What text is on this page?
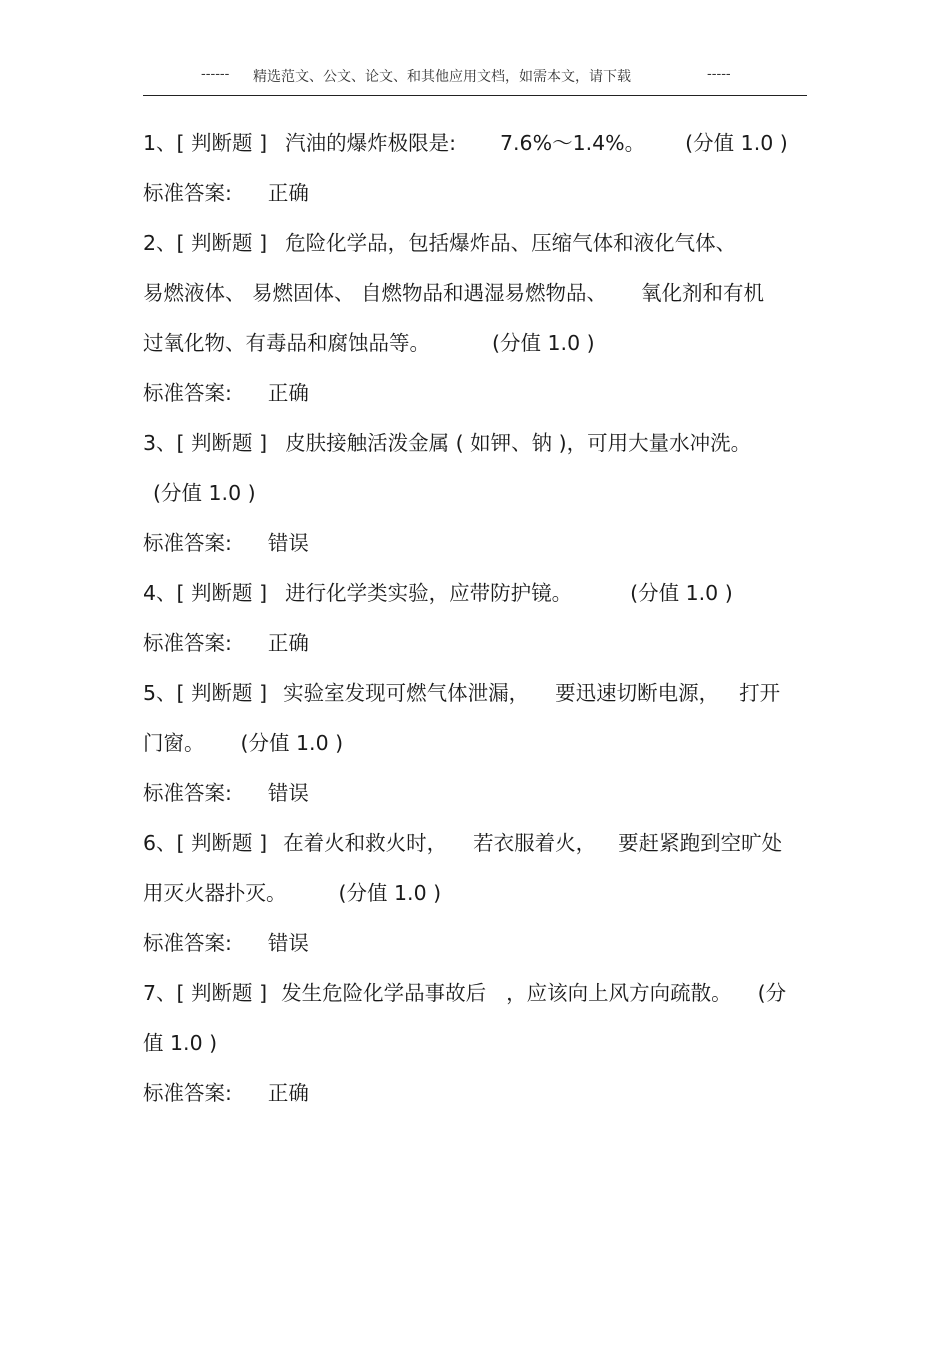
------ 精选范文、公文、论文、和其他应用文档，如需本文，请下载	-----
1、[ 判断题 ] 汽油的爆炸极限是: 7.6%～1.4%。 (分值 1.0 )
标准答案: 正确
2、[ 判断题 ] 危险化学品，包括爆炸品、压缩气体和液化气体、
易燃液体、 易燃固体、 自燃物品和遇湿易燃物品、 氧化剂和有机
过氧化物、有毒品和腐蚀品等。	(分值 1.0 )
标准答案: 正确
3、[ 判断题 ] 皮肤接触活泼金属 ( 如钾、钠 )，可用大量水冲洗。
(分值 1.0 )
标准答案: 错误
4、[ 判断题 ] 进行化学类实验，应带防护镜。	(分值 1.0 )
标准答案: 正确
5、[ 判断题 ] 实验室发现可燃气体泄漏， 要迅速切断电源， 打开
门窗。 (分值 1.0 )
标准答案: 错误
6、[ 判断题 ] 在着火和救火时， 若衣服着火， 要赶紧跑到空旷处
用灭火器扑灭。	(分值 1.0 )
标准答案: 错误
7、[ 判断题 ] 发生危险化学品事故后 ，应该向上风方向疏散。 (分
值 1.0 )
标准答案: 正确
